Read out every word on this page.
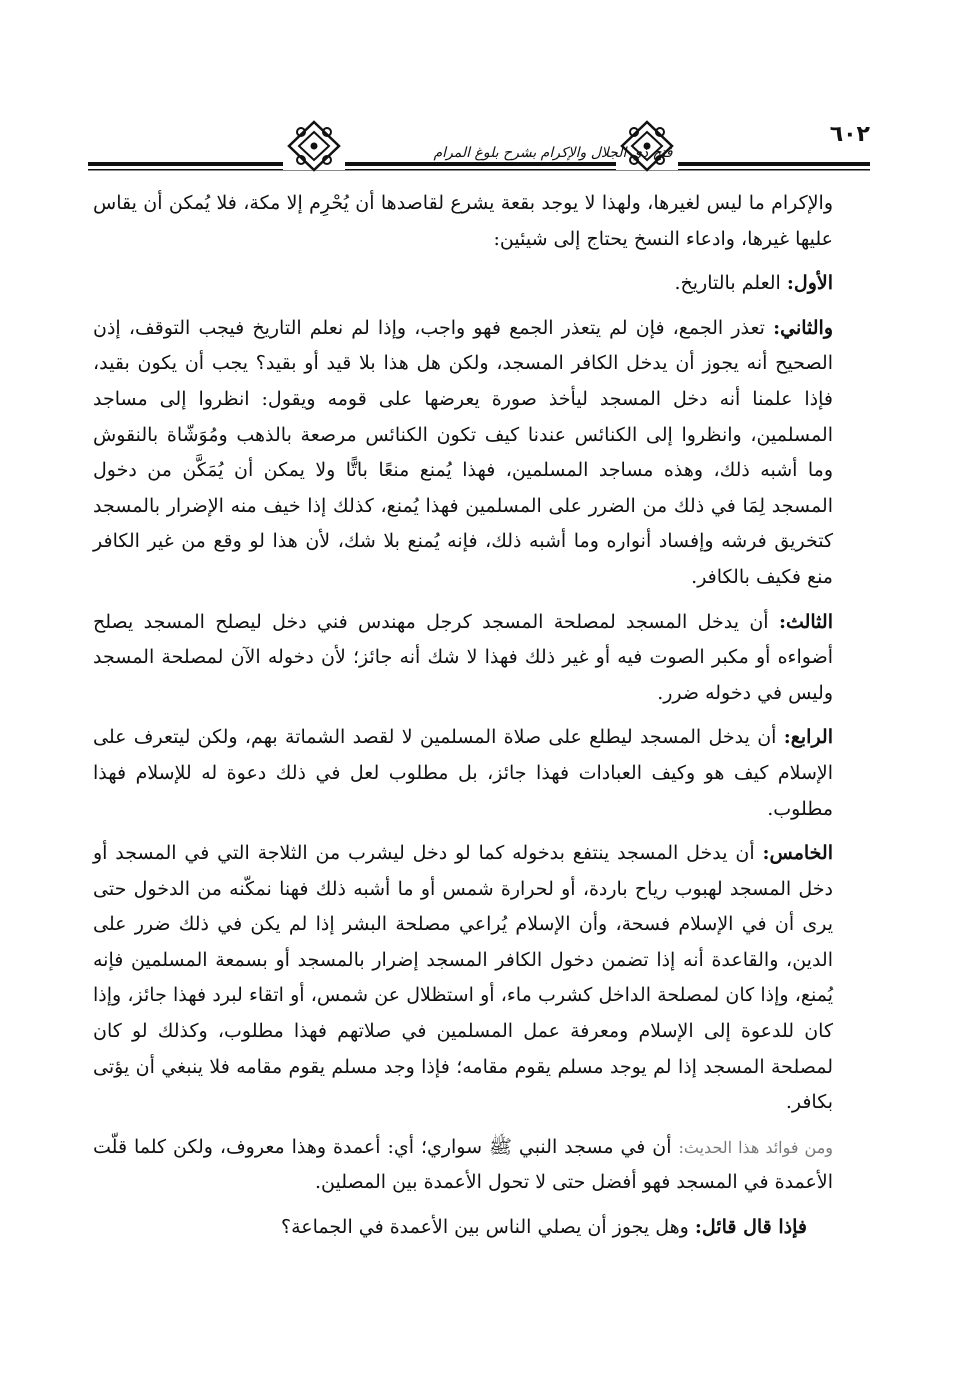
٦٠٢
فتح ذي الجلال والإكرام بشرح بلوغ المرام

والإكرام ما ليس لغيرها، ولهذا لا يوجد بقعة يشرع لقاصدها أن يُحْرِم إلا مكة، فلا يُمكن أن يقاس عليها غيرها، وادعاء النسخ يحتاج إلى شيئين:

الأول: العلم بالتاريخ.

والثاني: تعذر الجمع، فإن لم يتعذر الجمع فهو واجب، وإذا لم نعلم التاريخ فيجب التوقف، إذن الصحيح أنه يجوز أن يدخل الكافر المسجد، ولكن هل هذا بلا قيد أو بقيد؟ يجب أن يكون بقيد، فإذا علمنا أنه دخل المسجد ليأخذ صورة يعرضها على قومه ويقول: انظروا إلى مساجد المسلمين، وانظروا إلى الكنائس عندنا كيف تكون الكنائس مرصعة بالذهب ومُوَشّاة بالنقوش وما أشبه ذلك، وهذه مساجد المسلمين، فهذا يُمنع منعًا باتًّا ولا يمكن أن يُمَكَّن من دخول المسجد لِمَا في ذلك من الضرر على المسلمين فهذا يُمنع، كذلك إذا خيف منه الإضرار بالمسجد كتخريق فرشه وإفساد أنواره وما أشبه ذلك، فإنه يُمنع بلا شك، لأن هذا لو وقع من غير الكافر منع فكيف بالكافر.

الثالث: أن يدخل المسجد لمصلحة المسجد كرجل مهندس فني دخل ليصلح المسجد يصلح أضواءه أو مكبر الصوت فيه أو غير ذلك فهذا لا شك أنه جائز؛ لأن دخوله الآن لمصلحة المسجد وليس في دخوله ضرر.

الرابع: أن يدخل المسجد ليطلع على صلاة المسلمين لا لقصد الشماتة بهم، ولكن ليتعرف على الإسلام كيف هو وكيف العبادات فهذا جائز، بل مطلوب لعل في ذلك دعوة له للإسلام فهذا مطلوب.

الخامس: أن يدخل المسجد ينتفع بدخوله كما لو دخل ليشرب من الثلاجة التي في المسجد أو دخل المسجد لهبوب رياح باردة، أو لحرارة شمس أو ما أشبه ذلك فهنا نمكّنه من الدخول حتى يرى أن في الإسلام فسحة، وأن الإسلام يُراعي مصلحة البشر إذا لم يكن في ذلك ضرر على الدين، والقاعدة أنه إذا تضمن دخول الكافر المسجد إضرار بالمسجد أو بسمعة المسلمين فإنه يُمنع، وإذا كان لمصلحة الداخل كشرب ماء، أو استظلال عن شمس، أو اتقاء لبرد فهذا جائز، وإذا كان للدعوة إلى الإسلام ومعرفة عمل المسلمين في صلاتهم فهذا مطلوب، وكذلك لو كان لمصلحة المسجد إذا لم يوجد مسلم يقوم مقامه؛ فإذا وجد مسلم يقوم مقامه فلا ينبغي أن يؤتى بكافر.

ومن فوائد هذا الحديث: أن في مسجد النبي ﷺ سواري؛ أي: أعمدة وهذا معروف، ولكن كلما قلّت الأعمدة في المسجد فهو أفضل حتى لا تحول الأعمدة بين المصلين.

فإذا قال قائل: وهل يجوز أن يصلي الناس بين الأعمدة في الجماعة؟
